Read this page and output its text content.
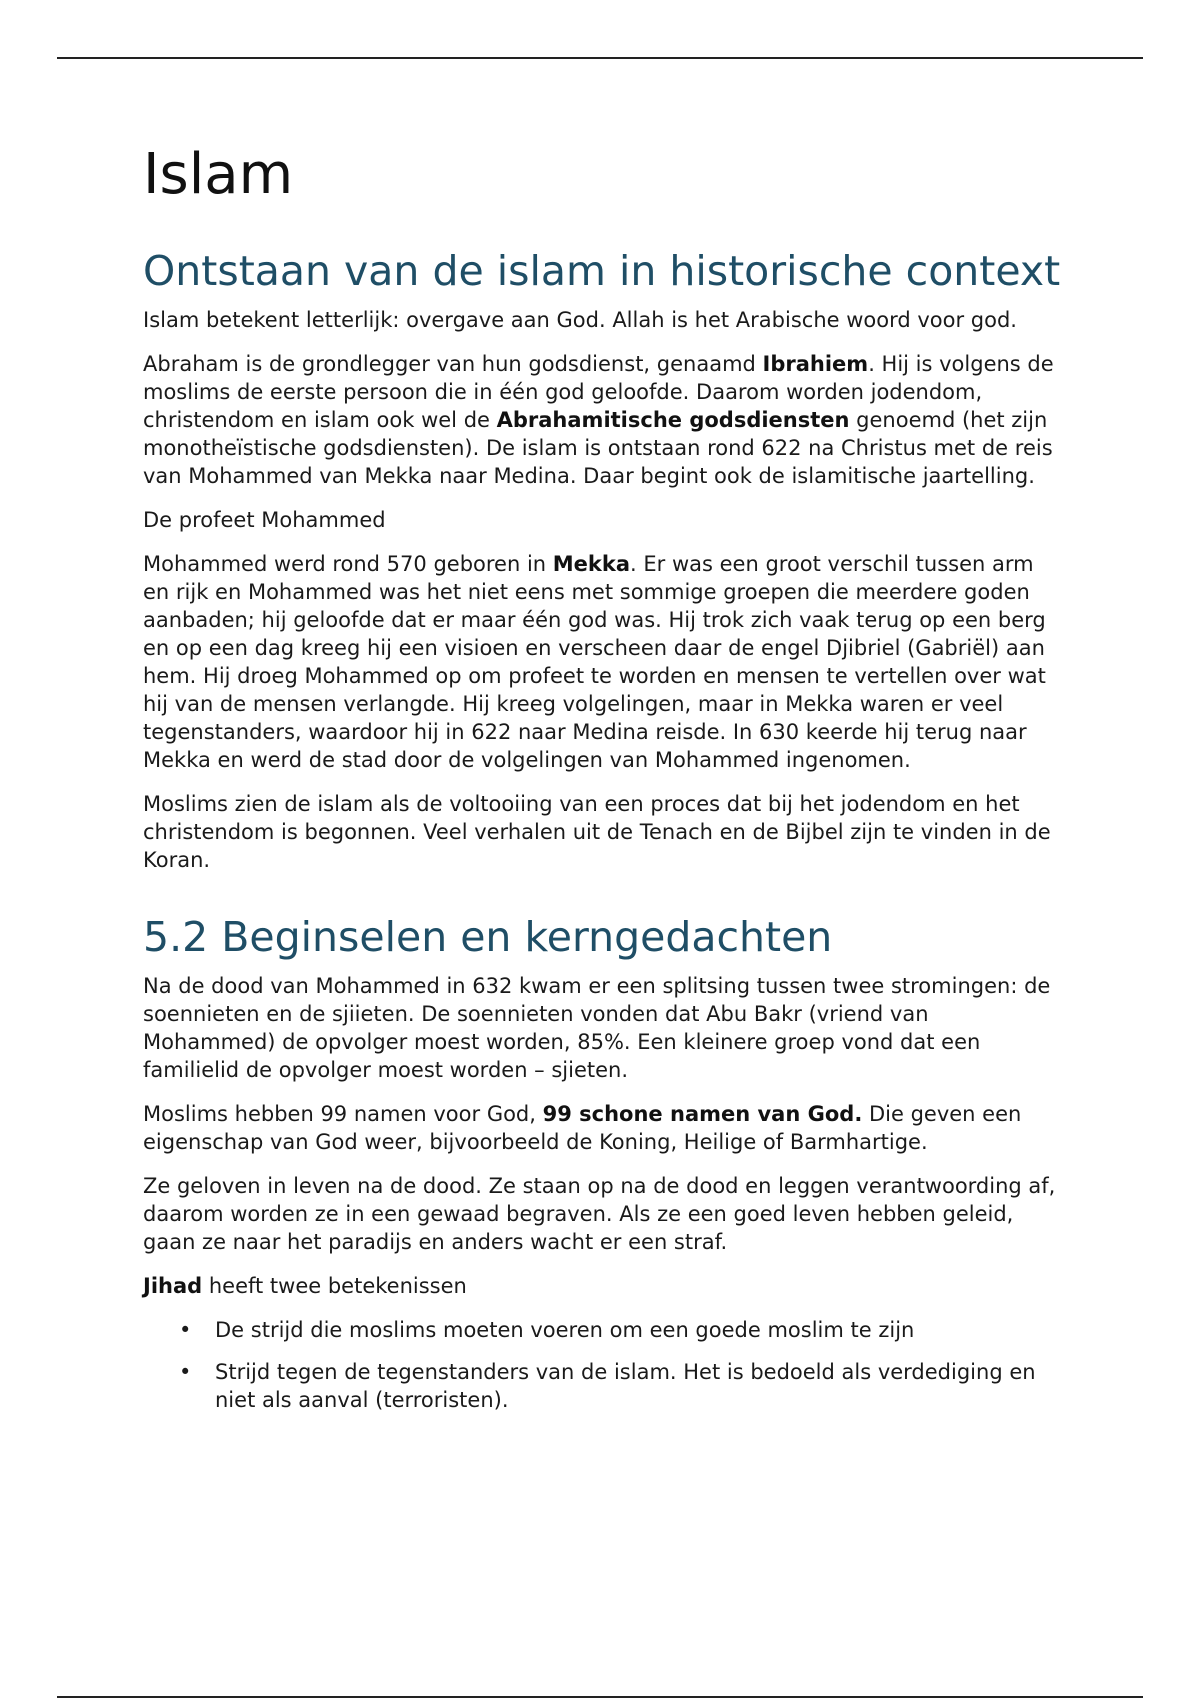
Islam
Ontstaan van de islam in historische context

Islam betekent letterlijk: overgave aan God. Allah is het Arabische woord voor god.

Abraham is de grondlegger van hun godsdienst, genaamd Ibrahiem. Hij is volgens de moslims de eerste persoon die in één god geloofde. Daarom worden jodendom, christendom en islam ook wel de Abrahamitische godsdiensten genoemd (het zijn monotheïstische godsdiensten). De islam is ontstaan rond 622 na Christus met de reis van Mohammed van Mekka naar Medina. Daar begint ook de islamitische jaartelling.

De profeet Mohammed

Mohammed werd rond 570 geboren in Mekka. Er was een groot verschil tussen arm en rijk en Mohammed was het niet eens met sommige groepen die meerdere goden aanbaden; hij geloofde dat er maar één god was. Hij trok zich vaak terug op een berg en op een dag kreeg hij een visioen en verscheen daar de engel Djibriel (Gabriël) aan hem. Hij droeg Mohammed op om profeet te worden en mensen te vertellen over wat hij van de mensen verlangde. Hij kreeg volgelingen, maar in Mekka waren er veel tegenstanders, waardoor hij in 622 naar Medina reisde. In 630 keerde hij terug naar Mekka en werd de stad door de volgelingen van Mohammed ingenomen.

Moslims zien de islam als de voltooiing van een proces dat bij het jodendom en het christendom is begonnen. Veel verhalen uit de Tenach en de Bijbel zijn te vinden in de Koran.

5.2 Beginselen en kerngedachten

Na de dood van Mohammed in 632 kwam er een splitsing tussen twee stromingen: de soennieten en de sjiieten. De soennieten vonden dat Abu Bakr (vriend van Mohammed) de opvolger moest worden, 85%. Een kleinere groep vond dat een familielid de opvolger moest worden – sjieten.

Moslims hebben 99 namen voor God, 99 schone namen van God. Die geven een eigenschap van God weer, bijvoorbeeld de Koning, Heilige of Barmhartige.

Ze geloven in leven na de dood. Ze staan op na de dood en leggen verantwoording af, daarom worden ze in een gewaad begraven. Als ze een goed leven hebben geleid, gaan ze naar het paradijs en anders wacht er een straf.

Jihad heeft twee betekenissen

• De strijd die moslims moeten voeren om een goede moslim te zijn
• Strijd tegen de tegenstanders van de islam. Het is bedoeld als verdediging en niet als aanval (terroristen).
